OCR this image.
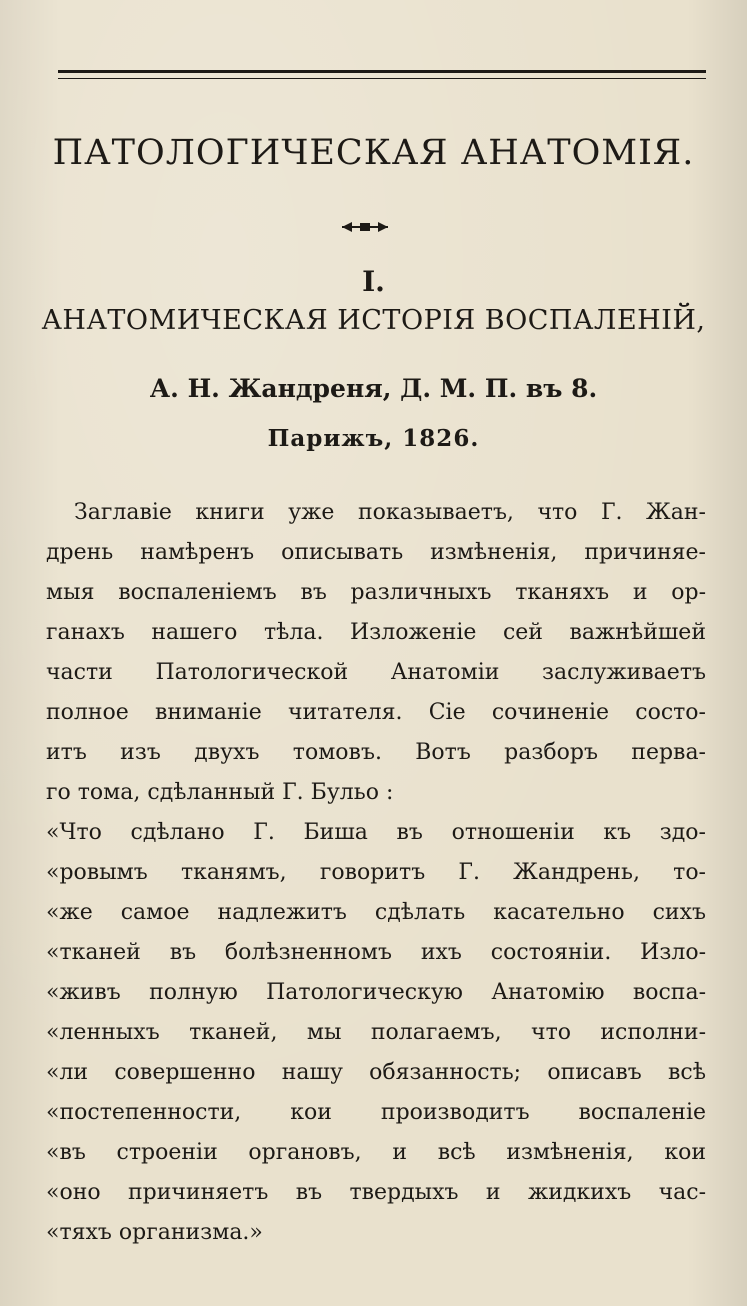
ПАТОЛОГИЧЕСКАЯ АНАТОМІЯ.
I.
АНАТОМИЧЕСКАЯ ИСТОРІЯ ВОСПАЛЕНІЙ,
А. Н. Жандреня, Д. М. П. въ 8.
Парижъ, 1826.
Заглавіе книги уже показываетъ, что Г. Жан-
дрень намѣренъ описывать измѣненія, причиняе-
мыя воспаленіемъ въ различныхъ тканяхъ и ор-
ганахъ нашего тѣла. Изложеніе сей важнѣйшей
части Патологической Анатоміи заслуживаетъ
полное вниманіе читателя. Сіе сочиненіе состо-
итъ изъ двухъ томовъ. Вотъ разборъ перва-
го тома, сдѣланный Г. Бульо :
«Что сдѣлано Г. Биша въ отношеніи къ здо-
«ровымъ тканямъ, говоритъ Г. Жандрень, то-
«же самое надлежитъ сдѣлать касательно сихъ
«тканей въ болѣзненномъ ихъ состояніи. Изло-
«живъ полную Патологическую Анатомію воспа-
«ленныхъ тканей, мы полагаемъ, что исполни-
«ли совершенно нашу обязанность; описавъ всѣ
«постепенности, кои производитъ воспаленіе
«въ строеніи органовъ, и всѣ измѣненія, кои
«оно причиняетъ въ твердыхъ и жидкихъ час-
«тяхъ организма.»
